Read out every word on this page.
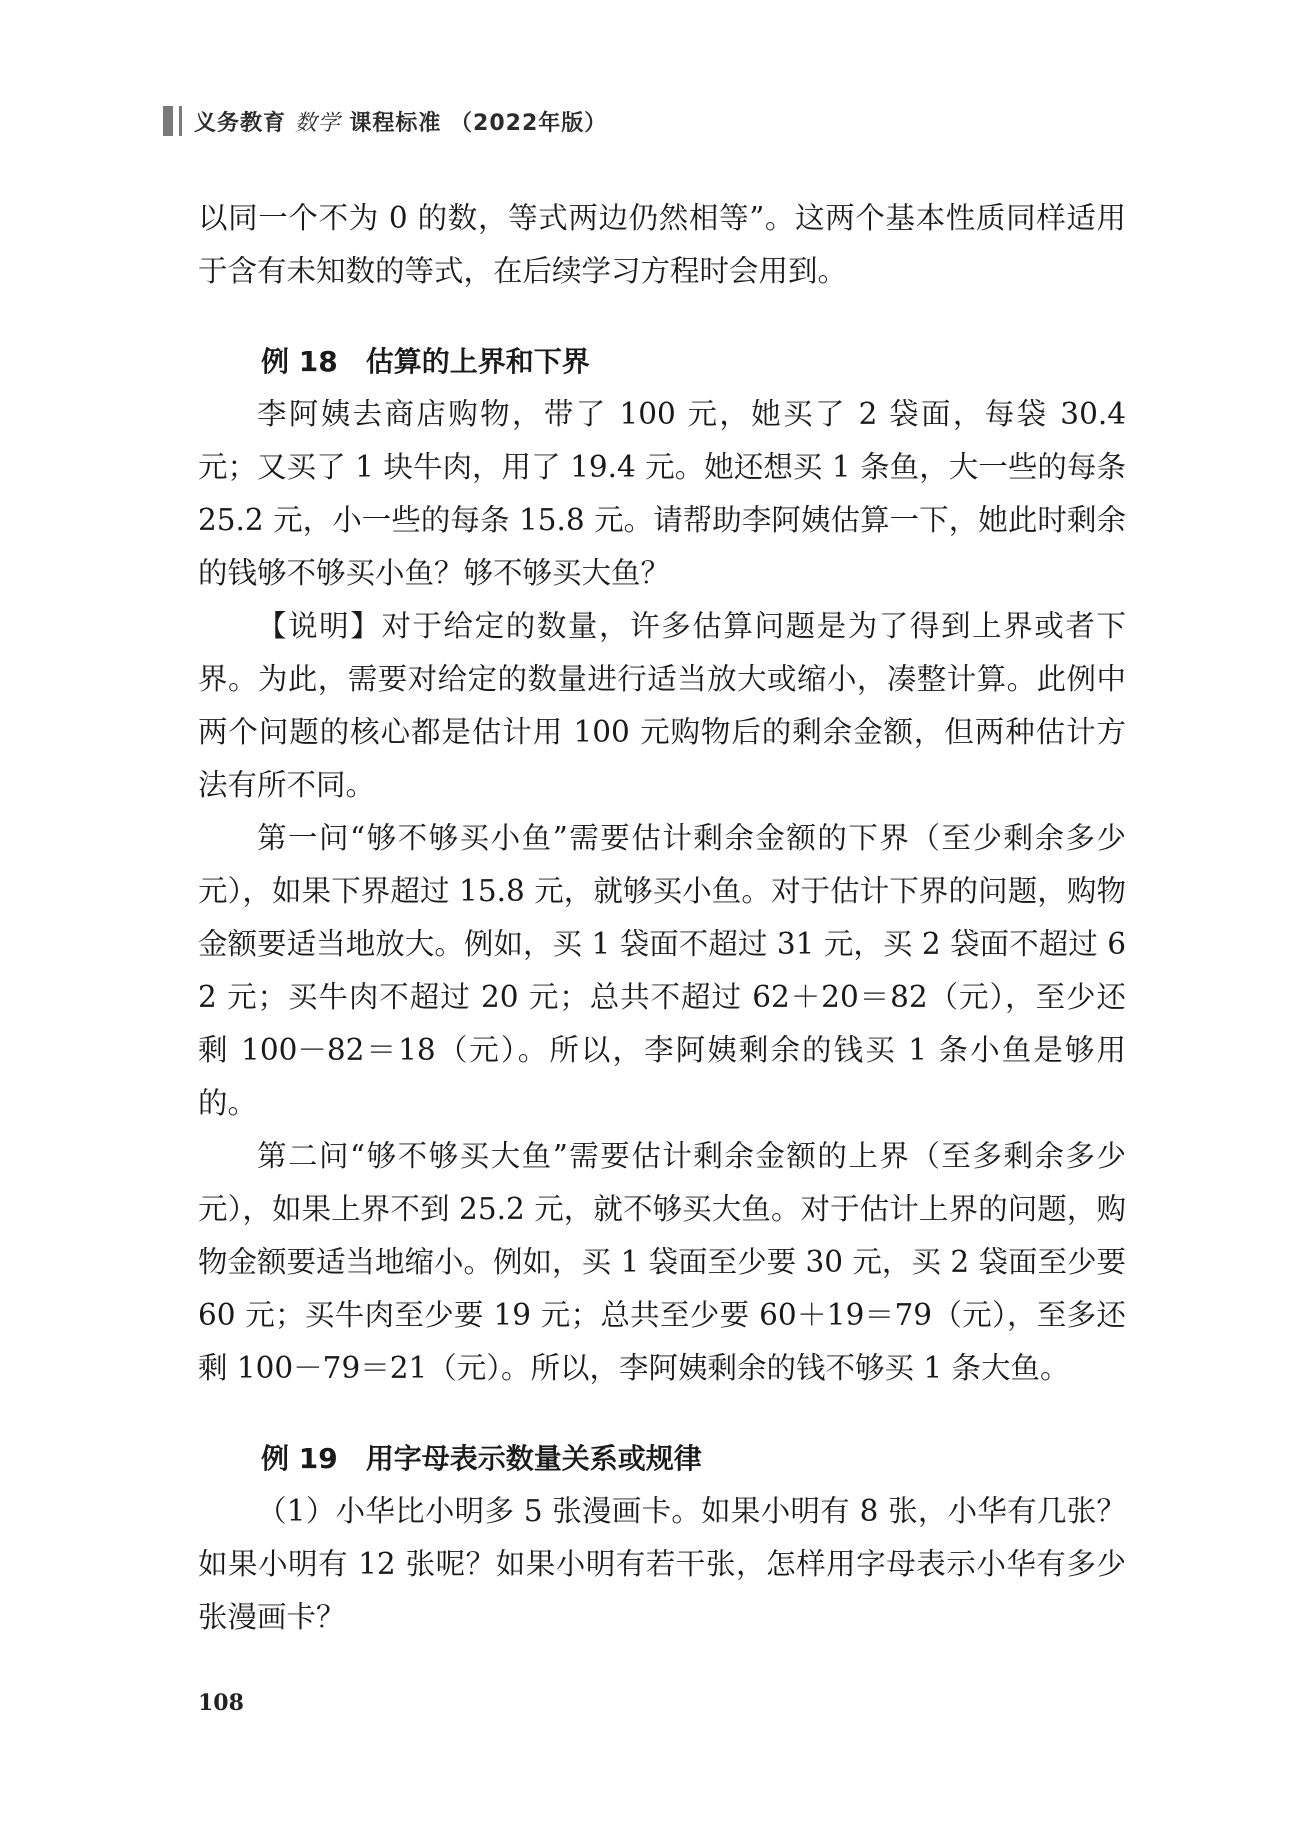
义务教育 数学 课程标准 （2022年版）

以同一个不为 0 的数，等式两边仍然相等”。这两个基本性质同样适用于含有未知数的等式，在后续学习方程时会用到。

例 18 估算的上界和下界

李阿姨去商店购物，带了 100 元，她买了 2 袋面，每袋 30.4 元；又买了 1 块牛肉，用了 19.4 元。她还想买 1 条鱼，大一些的每条 25.2 元，小一些的每条 15.8 元。请帮助李阿姨估算一下，她此时剩余的钱够不够买小鱼？够不够买大鱼？

【说明】对于给定的数量，许多估算问题是为了得到上界或者下界。为此，需要对给定的数量进行适当放大或缩小，凑整计算。此例中两个问题的核心都是估计用 100 元购物后的剩余金额，但两种估计方法有所不同。

第一问“够不够买小鱼”需要估计剩余金额的下界（至少剩余多少元），如果下界超过 15.8 元，就够买小鱼。对于估计下界的问题，购物金额要适当地放大。例如，买 1 袋面不超过 31 元，买 2 袋面不超过 62 元；买牛肉不超过 20 元；总共不超过 62＋20＝82（元），至少还剩 100－82＝18（元）。所以，李阿姨剩余的钱买 1 条小鱼是够用的。

第二问“够不够买大鱼”需要估计剩余金额的上界（至多剩余多少元），如果上界不到 25.2 元，就不够买大鱼。对于估计上界的问题，购物金额要适当地缩小。例如，买 1 袋面至少要 30 元，买 2 袋面至少要 60 元；买牛肉至少要 19 元；总共至少要 60＋19＝79（元），至多还剩 100－79＝21（元）。所以，李阿姨剩余的钱不够买 1 条大鱼。

例 19 用字母表示数量关系或规律

（1）小华比小明多 5 张漫画卡。如果小明有 8 张，小华有几张？如果小明有 12 张呢？如果小明有若干张，怎样用字母表示小华有多少张漫画卡？

108
